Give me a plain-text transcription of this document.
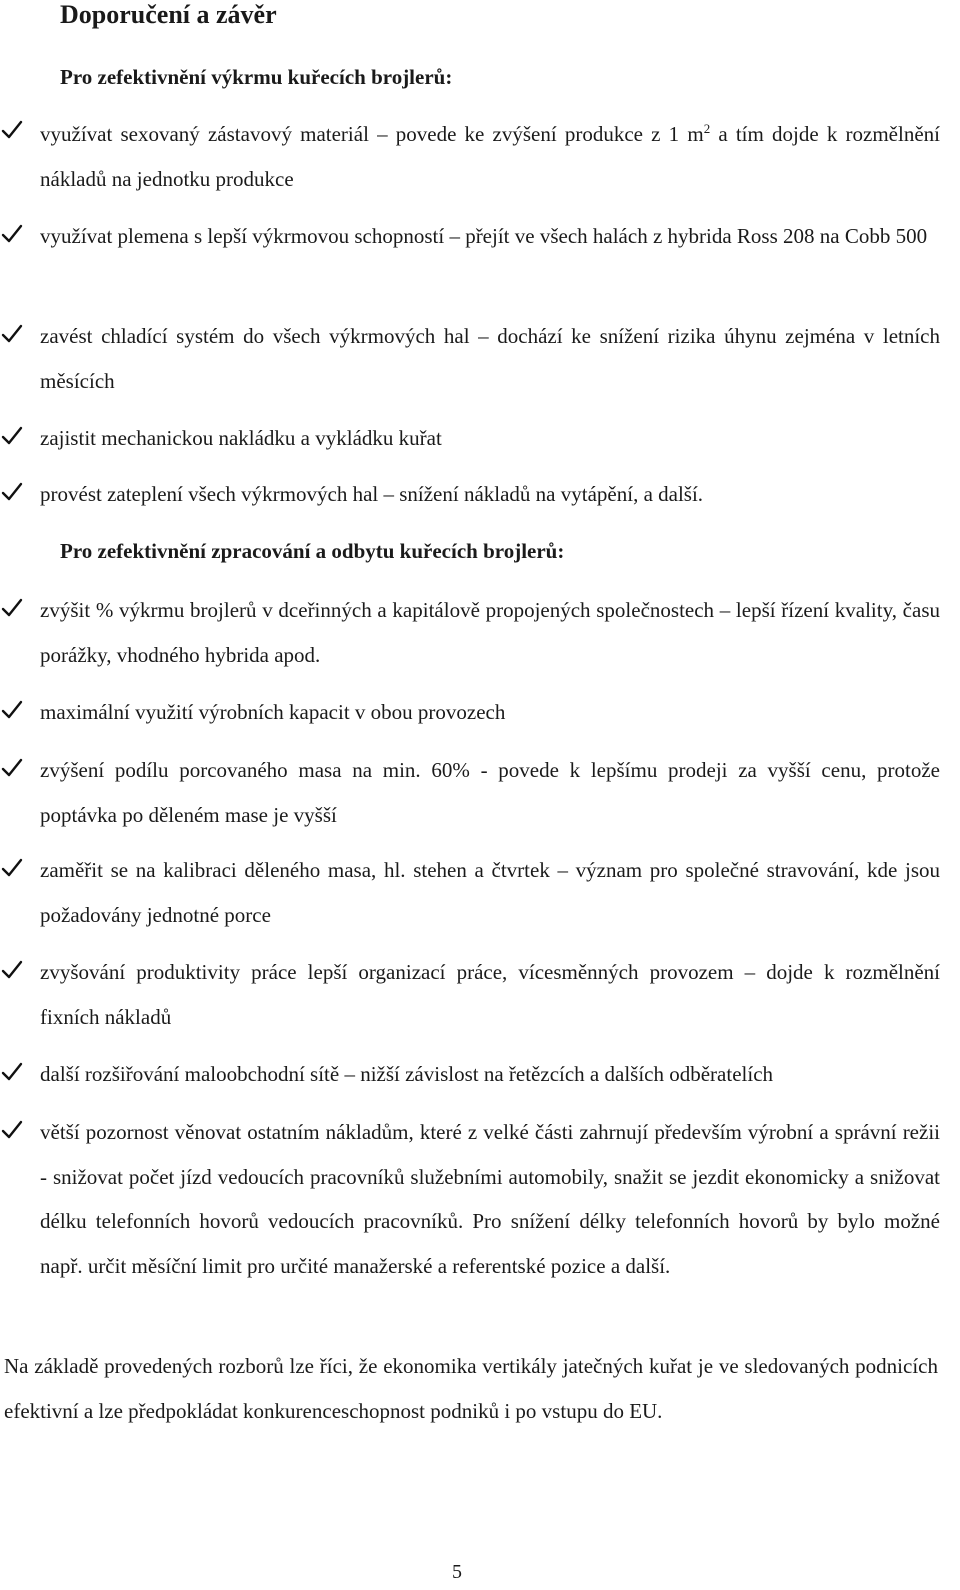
Doporučení a závěr
Pro zefektivnění výkrmu kuřecích brojlerů:

využívat sexovaný zástavový materiál – povede ke zvýšení produkce z 1 $m^2$ a tím dojde k rozmělnění nákladů na jednotku produkce

využívat plemena s lepší výkrmovou schopností – přejít ve všech halách z hybrida Ross 208 na Cobb 500

zavést chladící systém do všech výkrmových hal – dochází ke snížení rizika úhynu zejména v letních měsících

zajistit mechanickou nakládku a vykládku kuřat

provést zateplení všech výkrmových hal – snížení nákladů na vytápění, a další.

Pro zefektivnění zpracování a odbytu kuřecích brojlerů:

zvýšit % výkrmu brojlerů v dceřinných a kapitálově propojených společnostech – lepší řízení kvality, času porážky, vhodného hybrida apod.

maximální využití výrobních kapacit v obou provozech

zvýšení podílu porcovaného masa na min. 60% - povede k lepšímu prodeji za vyšší cenu, protože poptávka po děleném mase je vyšší

zaměřit se na kalibraci děleného masa, hl. stehen a čtvrtek – význam pro společné stravování, kde jsou požadovány jednotné porce

zvyšování produktivity práce lepší organizací práce, vícesměnných provozem – dojde k rozmělnění fixních nákladů

další rozšiřování maloobchodní sítě – nižší závislost na řetězcích a dalších odběratelích

větší pozornost věnovat ostatním nákladům, které z velké části zahrnují především výrobní a správní režii - snižovat počet jízd vedoucích pracovníků služebními automobily, snažit se jezdit ekonomicky a snižovat délku telefonních hovorů vedoucích pracovníků. Pro snížení délky telefonních hovorů by bylo možné např. určit měsíční limit pro určité manažerské a referentské pozice a další.

Na základě provedených rozborů lze říci, že ekonomika vertikály jatečných kuřat je ve sledovaných podnicích efektivní a lze předpokládat konkurenceschopnost podniků i po vstupu do EU.

5
